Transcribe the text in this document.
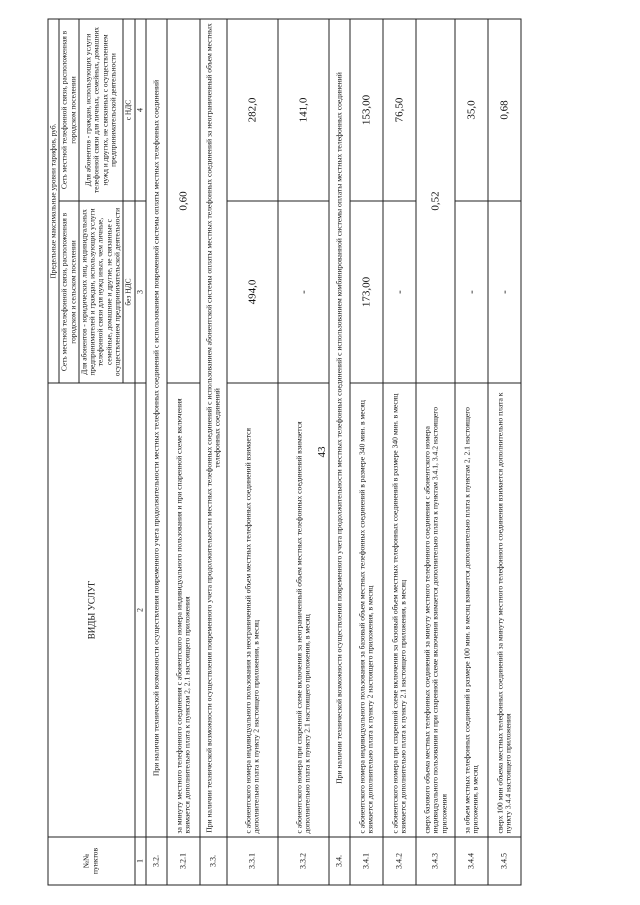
43
№№ пунктов	ВИДЫ УСЛУГ	Предельные максимальные уровни тарифов, руб.	
		Сеть местной телефонной связи, расположенная в городском и сельском поселении	Сеть местной телефонной связи, расположенная в городском поселении
		Для абонентов - юридических лиц, индивидуальных предпринимателей и граждан, использующих услуги телефонной связи для нужд иных, чем личные, семейные, домашние и другие, не связанные с осуществлением предпринимательской деятельности	Для абонентов - граждан, использующих услуги телефонной связи для личных, семейных, домашних нужд и других, не связанных с осуществлением предпринимательской деятельности
		без НДС	с НДС
1	2	3	4
3.2.	При наличии технической возможности осуществления повременного учета продолжительности местных телефонных соединений с использованием повременной системы оплаты местных телефонных соединений		
3.2.1	за минуту местного телефонного соединения с абонентского номера индивидуального пользования и при спаренной схеме включения взимается дополнительно плата к пунктам 2, 2.1 настоящего приложения	0,60	
3.3.	При наличии технической возможности осуществления повременного учета продолжительности местных телефонных соединений с использованием абонентской системы оплаты местных телефонных соединений за неограниченный объем местных телефонных соединений		
3.3.1	с абонентского номера индивидуального пользования за неограниченный объем местных телефонных соединений взимается дополнительно плата к пункту 2 настоящего приложения, в месяц	494,0	282,0
3.3.2	с абонентского номера при спаренной схеме включения за неограниченный объем местных телефонных соединений взимается дополнительно плата к пункту 2.1 настоящего приложения, в месяц	-	141,0
3.4.	При наличии технической возможности осуществления повременного учета продолжительности местных телефонных соединений с использованием комбинированной системы оплаты местных телефонных соединений		
3.4.1	с абонентского номера индивидуального пользования за базовый объем местных телефонных соединений в размере 340 мин. в месяц взимается дополнительно плата к пункту 2 настоящего приложения, в месяц	173,00	153,00
3.4.2	с абонентского номера при спаренной схеме включения за базовый объем местных телефонных соединений в размере 340 мин. в месяц взимается дополнительно плата к пункту 2.1 настоящего приложения, в месяц	-	76,50
3.4.3	сверх базового объема местных телефонных соединений за минуту местного телефонного соединения с абонентского номера индивидуального пользования и при спаренной схеме включения взимается дополнительно плата к пунктам 3.4.1, 3.4.2 настоящего приложения	0,52	
3.4.4	за объем местных телефонных соединений в размере 100 мин. в месяц взимается дополнительно плата к пунктам 2, 2.1 настоящего приложения, в месяц	-	35,0
3.4.5	сверх 100 мин объема местных телефонных соединений за минуту местного телефонного соединения взимается дополнительно плата к пункту 3.4.4 настоящего приложения	-	0,68
